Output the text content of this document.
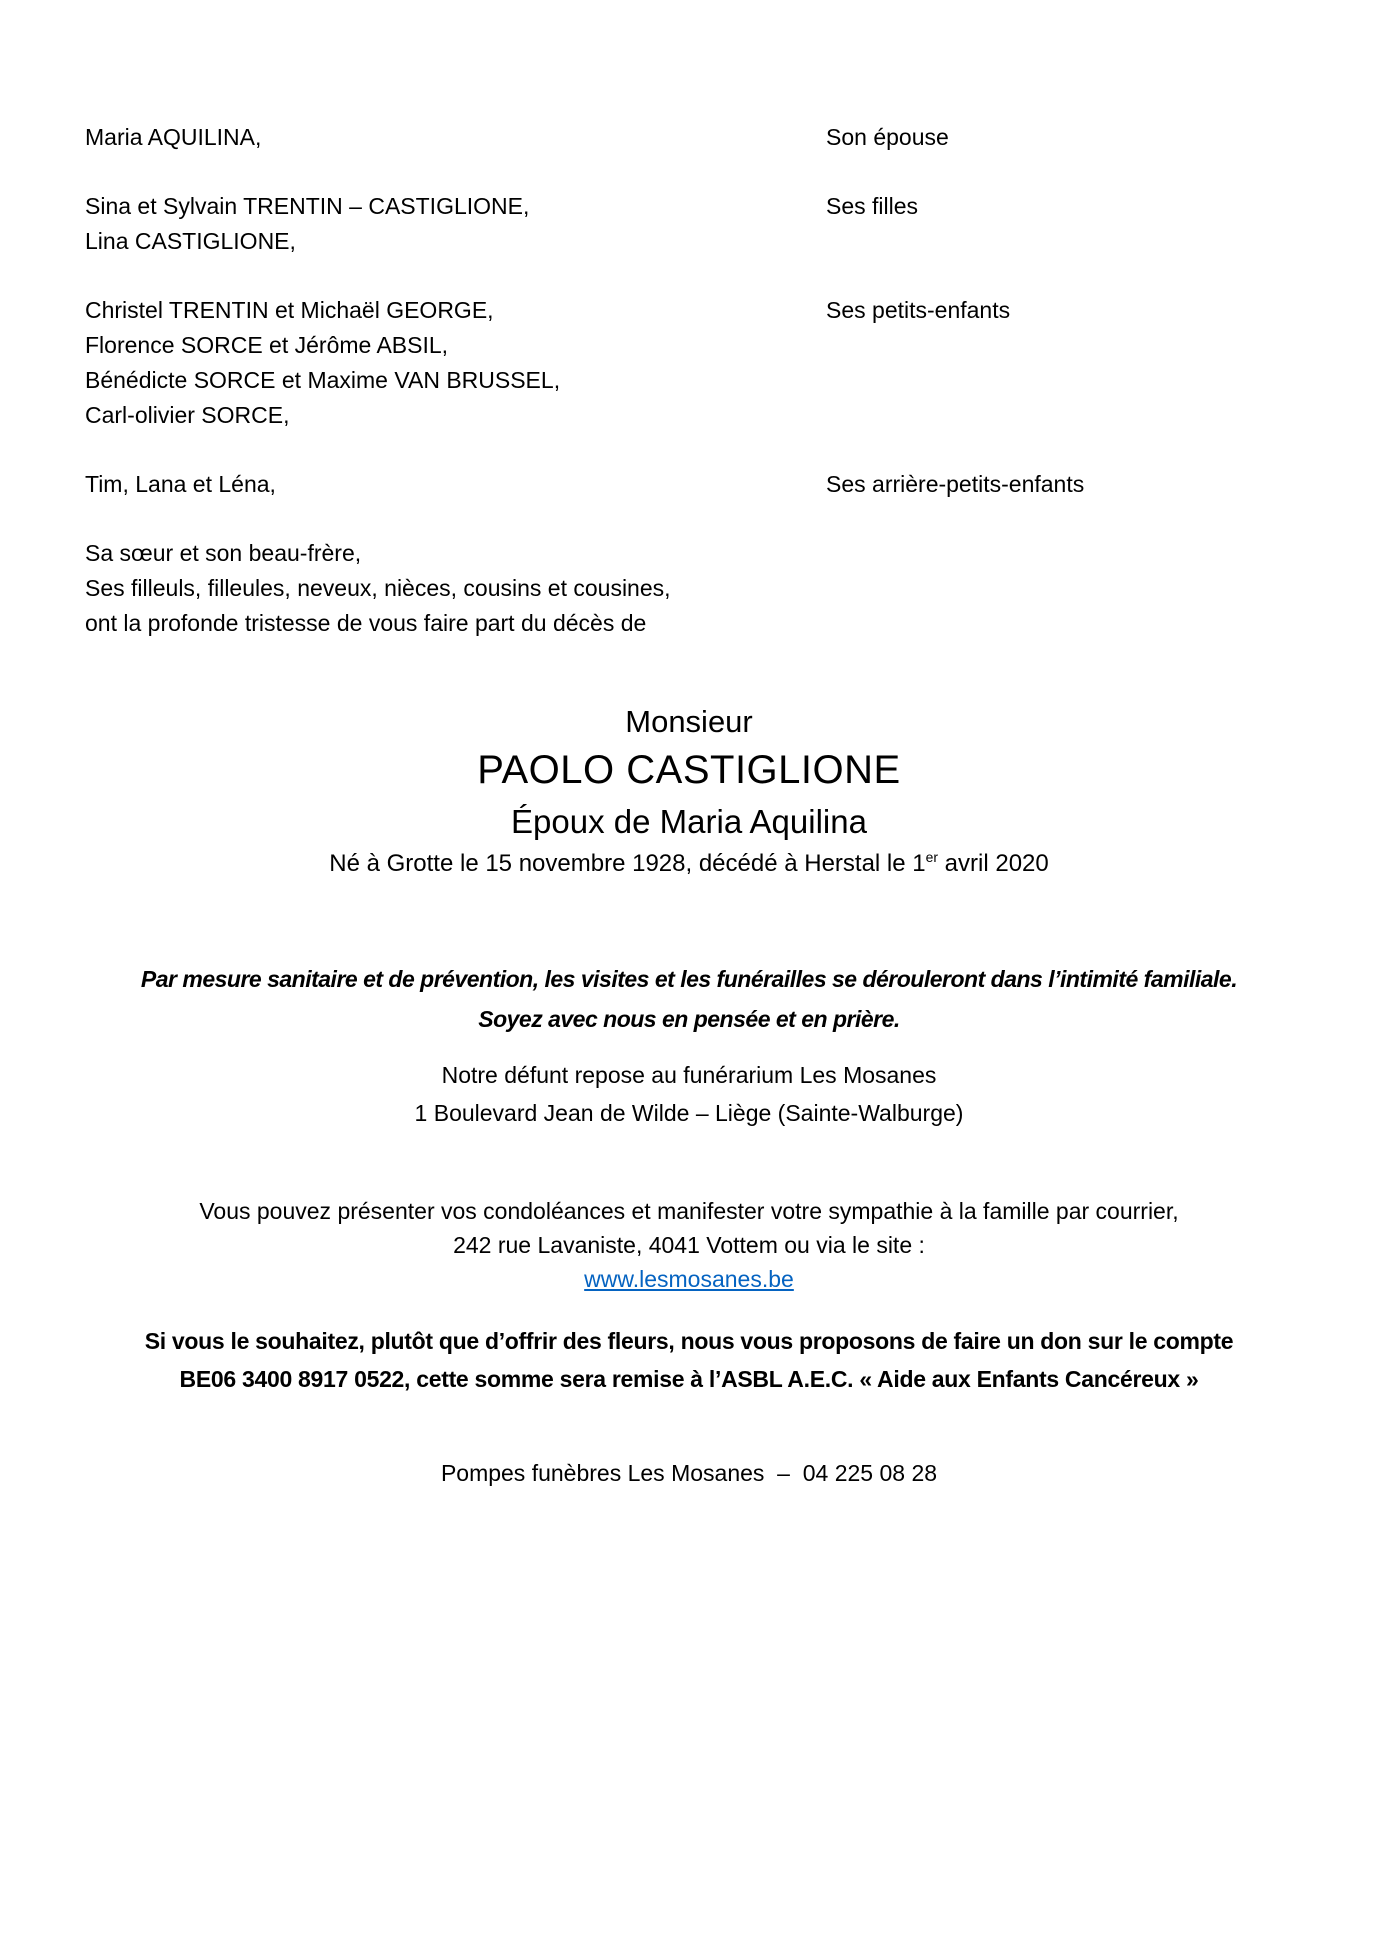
Maria AQUILINA,	Son épouse
Sina et Sylvain TRENTIN – CASTIGLIONE,
Lina CASTIGLIONE,
Ses filles
Christel TRENTIN et Michaël GEORGE,
Florence SORCE et Jérôme ABSIL,
Bénédicte SORCE et Maxime VAN BRUSSEL,
Carl-olivier SORCE,
Ses petits-enfants
Tim, Lana et Léna,	Ses arrière-petits-enfants
Sa sœur et son beau-frère,
Ses filleuls, filleules, neveux, nièces, cousins et cousines,
ont la profonde tristesse de vous faire part du décès de
Monsieur
PAOLO CASTIGLIONE
Époux de Maria Aquilina
Né à Grotte le 15 novembre 1928, décédé à Herstal le 1er avril 2020
Par mesure sanitaire et de prévention, les visites et les funérailles se dérouleront dans l’intimité familiale.
Soyez avec nous en pensée et en prière.
Notre défunt repose au funérarium Les Mosanes
1 Boulevard Jean de Wilde – Liège (Sainte-Walburge)
Vous pouvez présenter vos condoléances et manifester votre sympathie à la famille par courrier,
242 rue Lavaniste, 4041 Vottem ou via le site :
www.lesmosanes.be
Si vous le souhaitez, plutôt que d’offrir des fleurs, nous vous proposons de faire un don sur le compte
BE06 3400 8917 0522, cette somme sera remise à l’ASBL A.E.C. « Aide aux Enfants Cancéreux »
Pompes funèbres Les Mosanes  –  04 225 08 28
